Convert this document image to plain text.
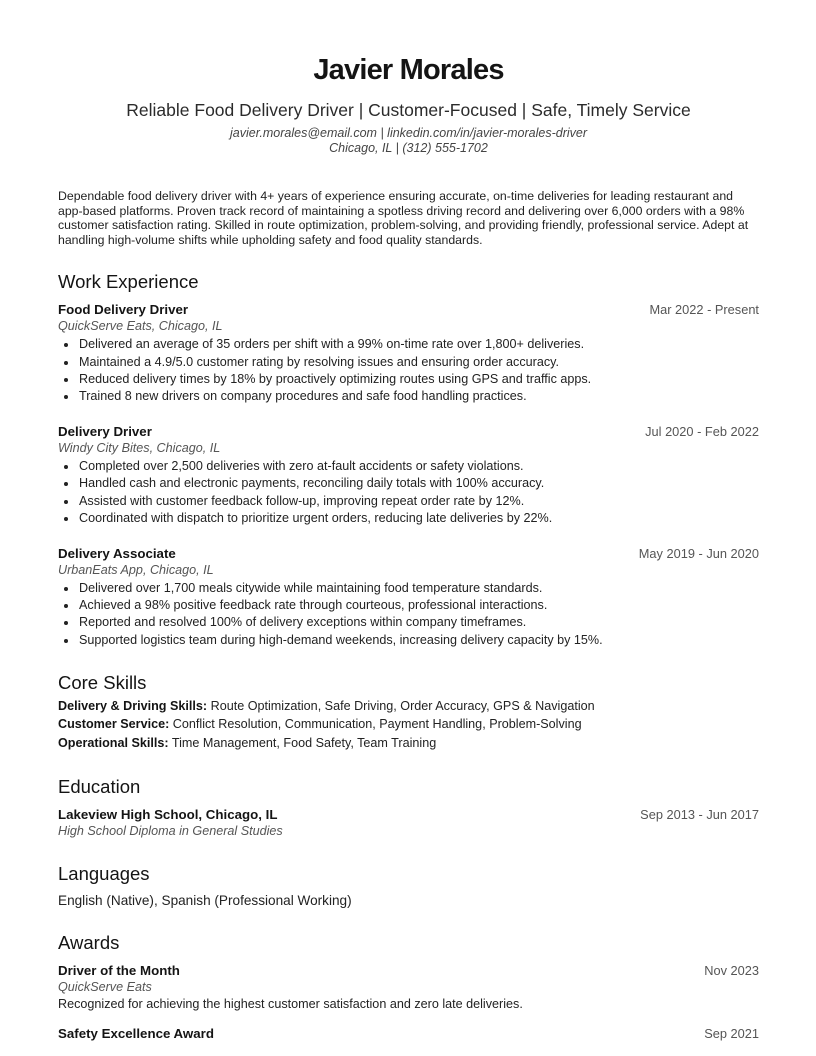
Javier Morales
Reliable Food Delivery Driver | Customer-Focused | Safe, Timely Service
javier.morales@email.com | linkedin.com/in/javier-morales-driver
Chicago, IL | (312) 555-1702
Dependable food delivery driver with 4+ years of experience ensuring accurate, on-time deliveries for leading restaurant and app-based platforms. Proven track record of maintaining a spotless driving record and delivering over 6,000 orders with a 98% customer satisfaction rating. Skilled in route optimization, problem-solving, and providing friendly, professional service. Adept at handling high-volume shifts while upholding safety and food quality standards.
Work Experience
Food Delivery Driver	Mar 2022 - Present
QuickServe Eats, Chicago, IL
Delivered an average of 35 orders per shift with a 99% on-time rate over 1,800+ deliveries.
Maintained a 4.9/5.0 customer rating by resolving issues and ensuring order accuracy.
Reduced delivery times by 18% by proactively optimizing routes using GPS and traffic apps.
Trained 8 new drivers on company procedures and safe food handling practices.
Delivery Driver	Jul 2020 - Feb 2022
Windy City Bites, Chicago, IL
Completed over 2,500 deliveries with zero at-fault accidents or safety violations.
Handled cash and electronic payments, reconciling daily totals with 100% accuracy.
Assisted with customer feedback follow-up, improving repeat order rate by 12%.
Coordinated with dispatch to prioritize urgent orders, reducing late deliveries by 22%.
Delivery Associate	May 2019 - Jun 2020
UrbanEats App, Chicago, IL
Delivered over 1,700 meals citywide while maintaining food temperature standards.
Achieved a 98% positive feedback rate through courteous, professional interactions.
Reported and resolved 100% of delivery exceptions within company timeframes.
Supported logistics team during high-demand weekends, increasing delivery capacity by 15%.
Core Skills
Delivery & Driving Skills: Route Optimization, Safe Driving, Order Accuracy, GPS & Navigation
Customer Service: Conflict Resolution, Communication, Payment Handling, Problem-Solving
Operational Skills: Time Management, Food Safety, Team Training
Education
Lakeview High School, Chicago, IL	Sep 2013 - Jun 2017
High School Diploma in General Studies
Languages
English (Native), Spanish (Professional Working)
Awards
Driver of the Month	Nov 2023
QuickServe Eats
Recognized for achieving the highest customer satisfaction and zero late deliveries.
Safety Excellence Award	Sep 2021
